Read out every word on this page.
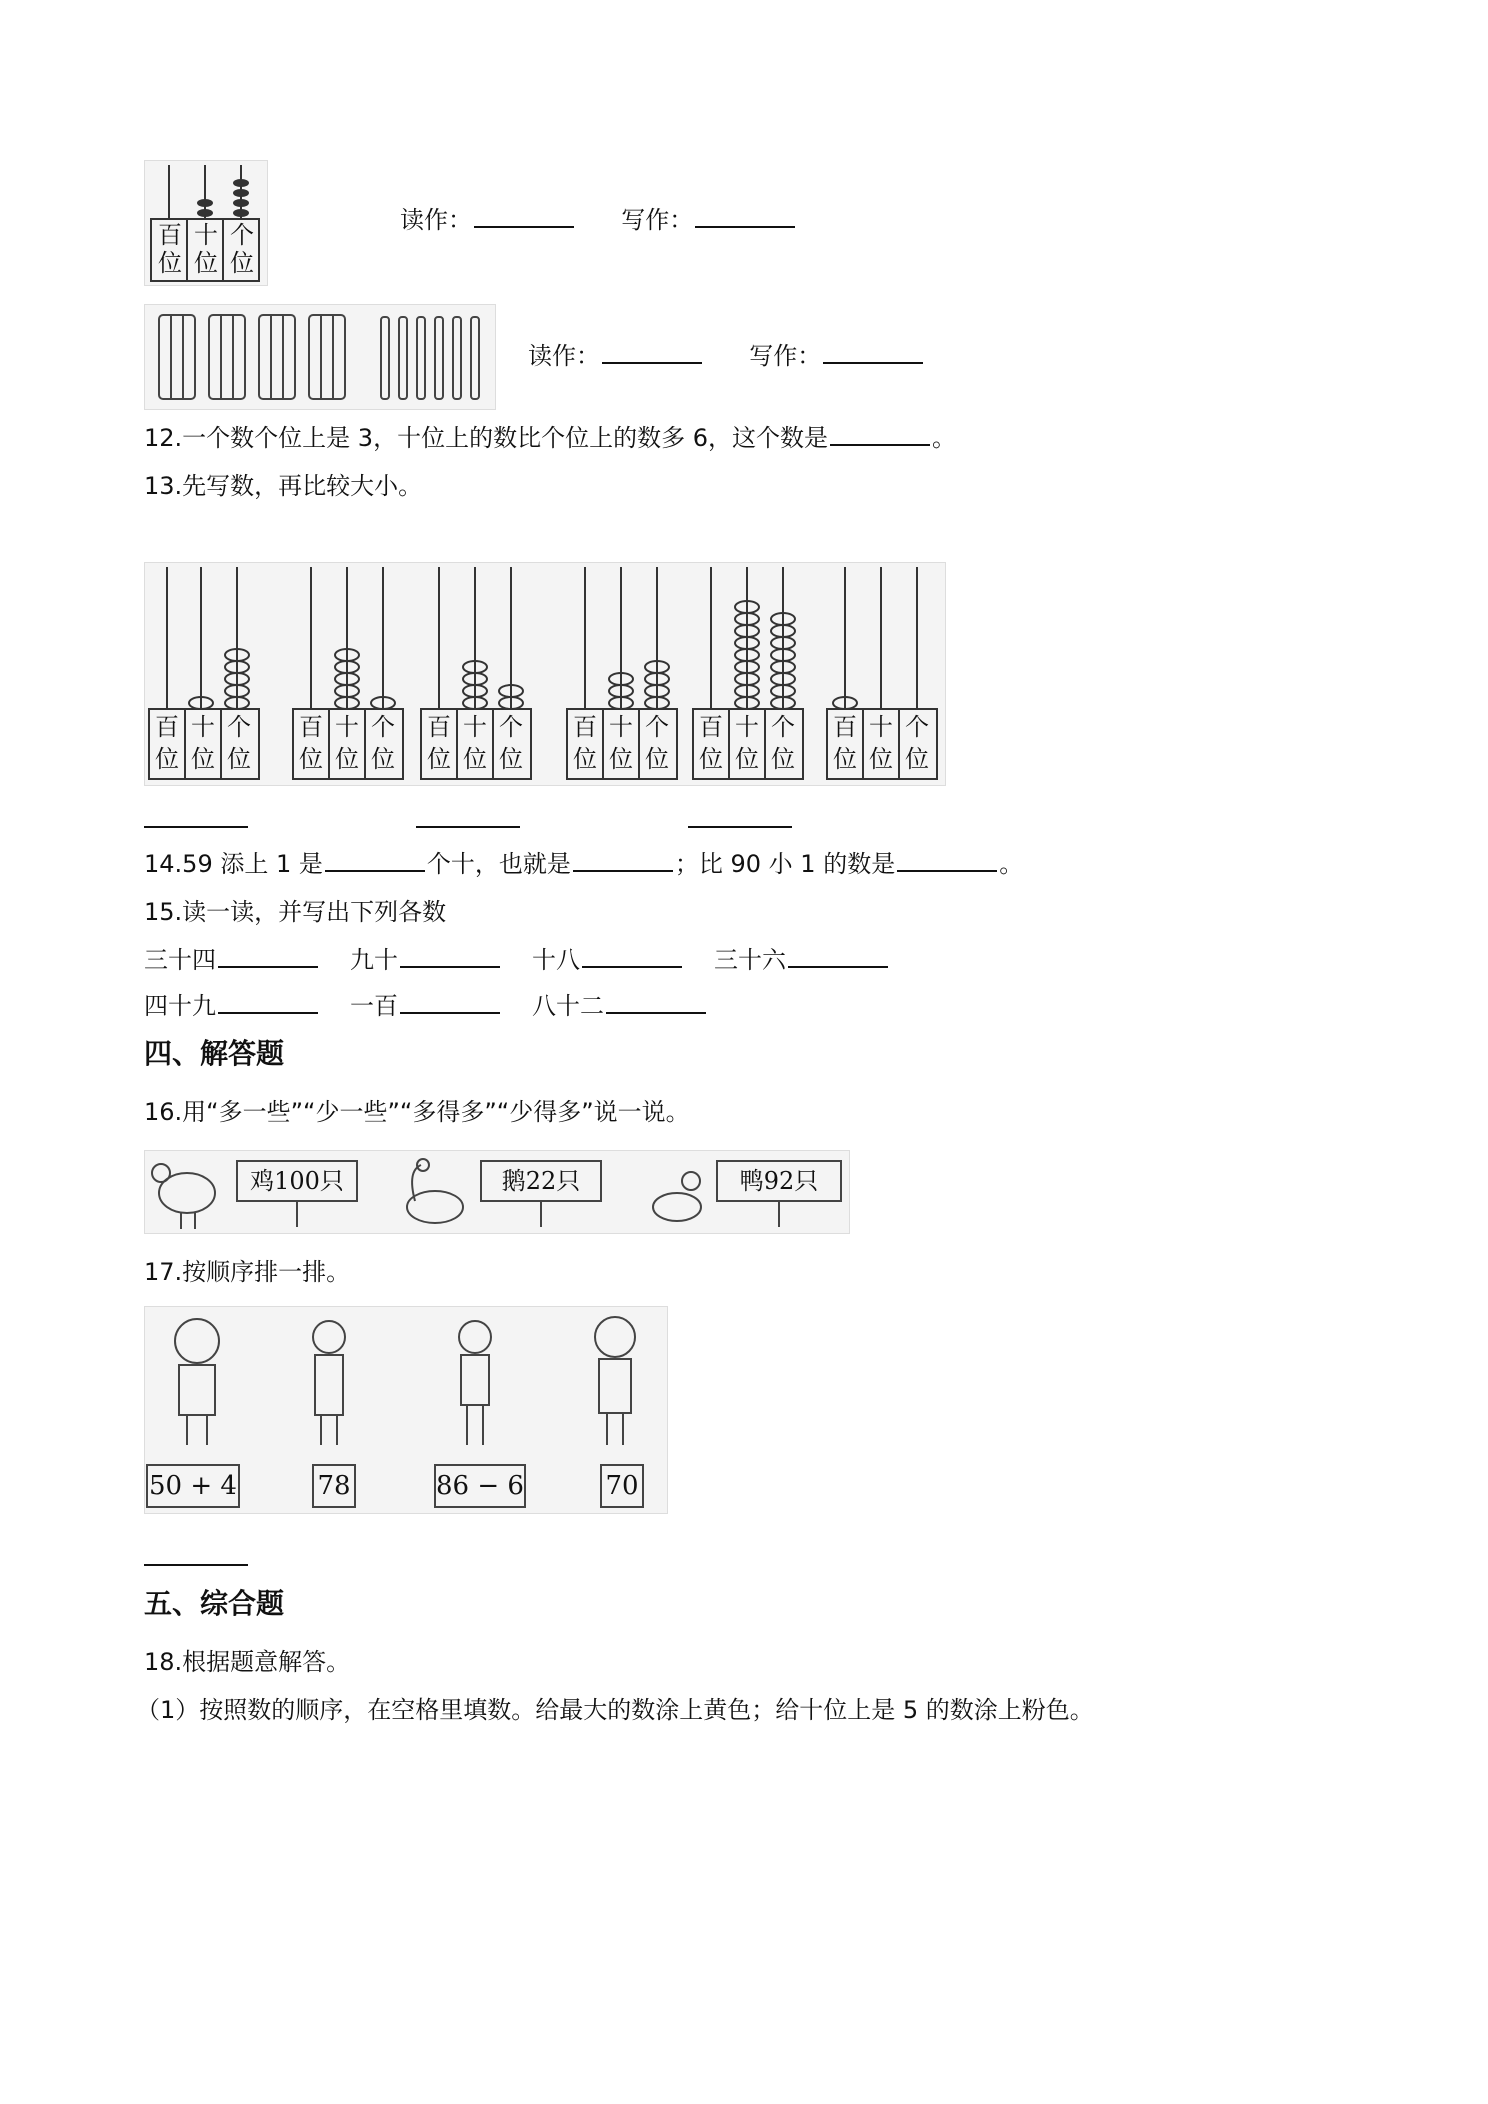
百位
十位
个位
读作：	写作：
读作：	写作：
12.一个数个位上是 3，十位上的数比个位上的数多 6，这个数是	。
13.先写数，再比较大小。
百位十位个位
百位十位个位
百位十位个位
百位十位个位
百位十位个位
百位十位个位
14.59 添上 1 是	个十，也就是	；比 90 小 1 的数是	。
15.读一读，并写出下列各数
三十四	九十	十八	三十六
四十九	一百	八十二
四、解答题
16.用“多一些”“少一些”“多得多”“少得多”说一说。
鸡100只	鹅22只	鸭92只
17.按顺序排一排。
50 + 4	78	86 − 6	70
五、综合题
18.根据题意解答。
（1）按照数的顺序，在空格里填数。给最大的数涂上黄色；给十位上是 5 的数涂上粉色。
